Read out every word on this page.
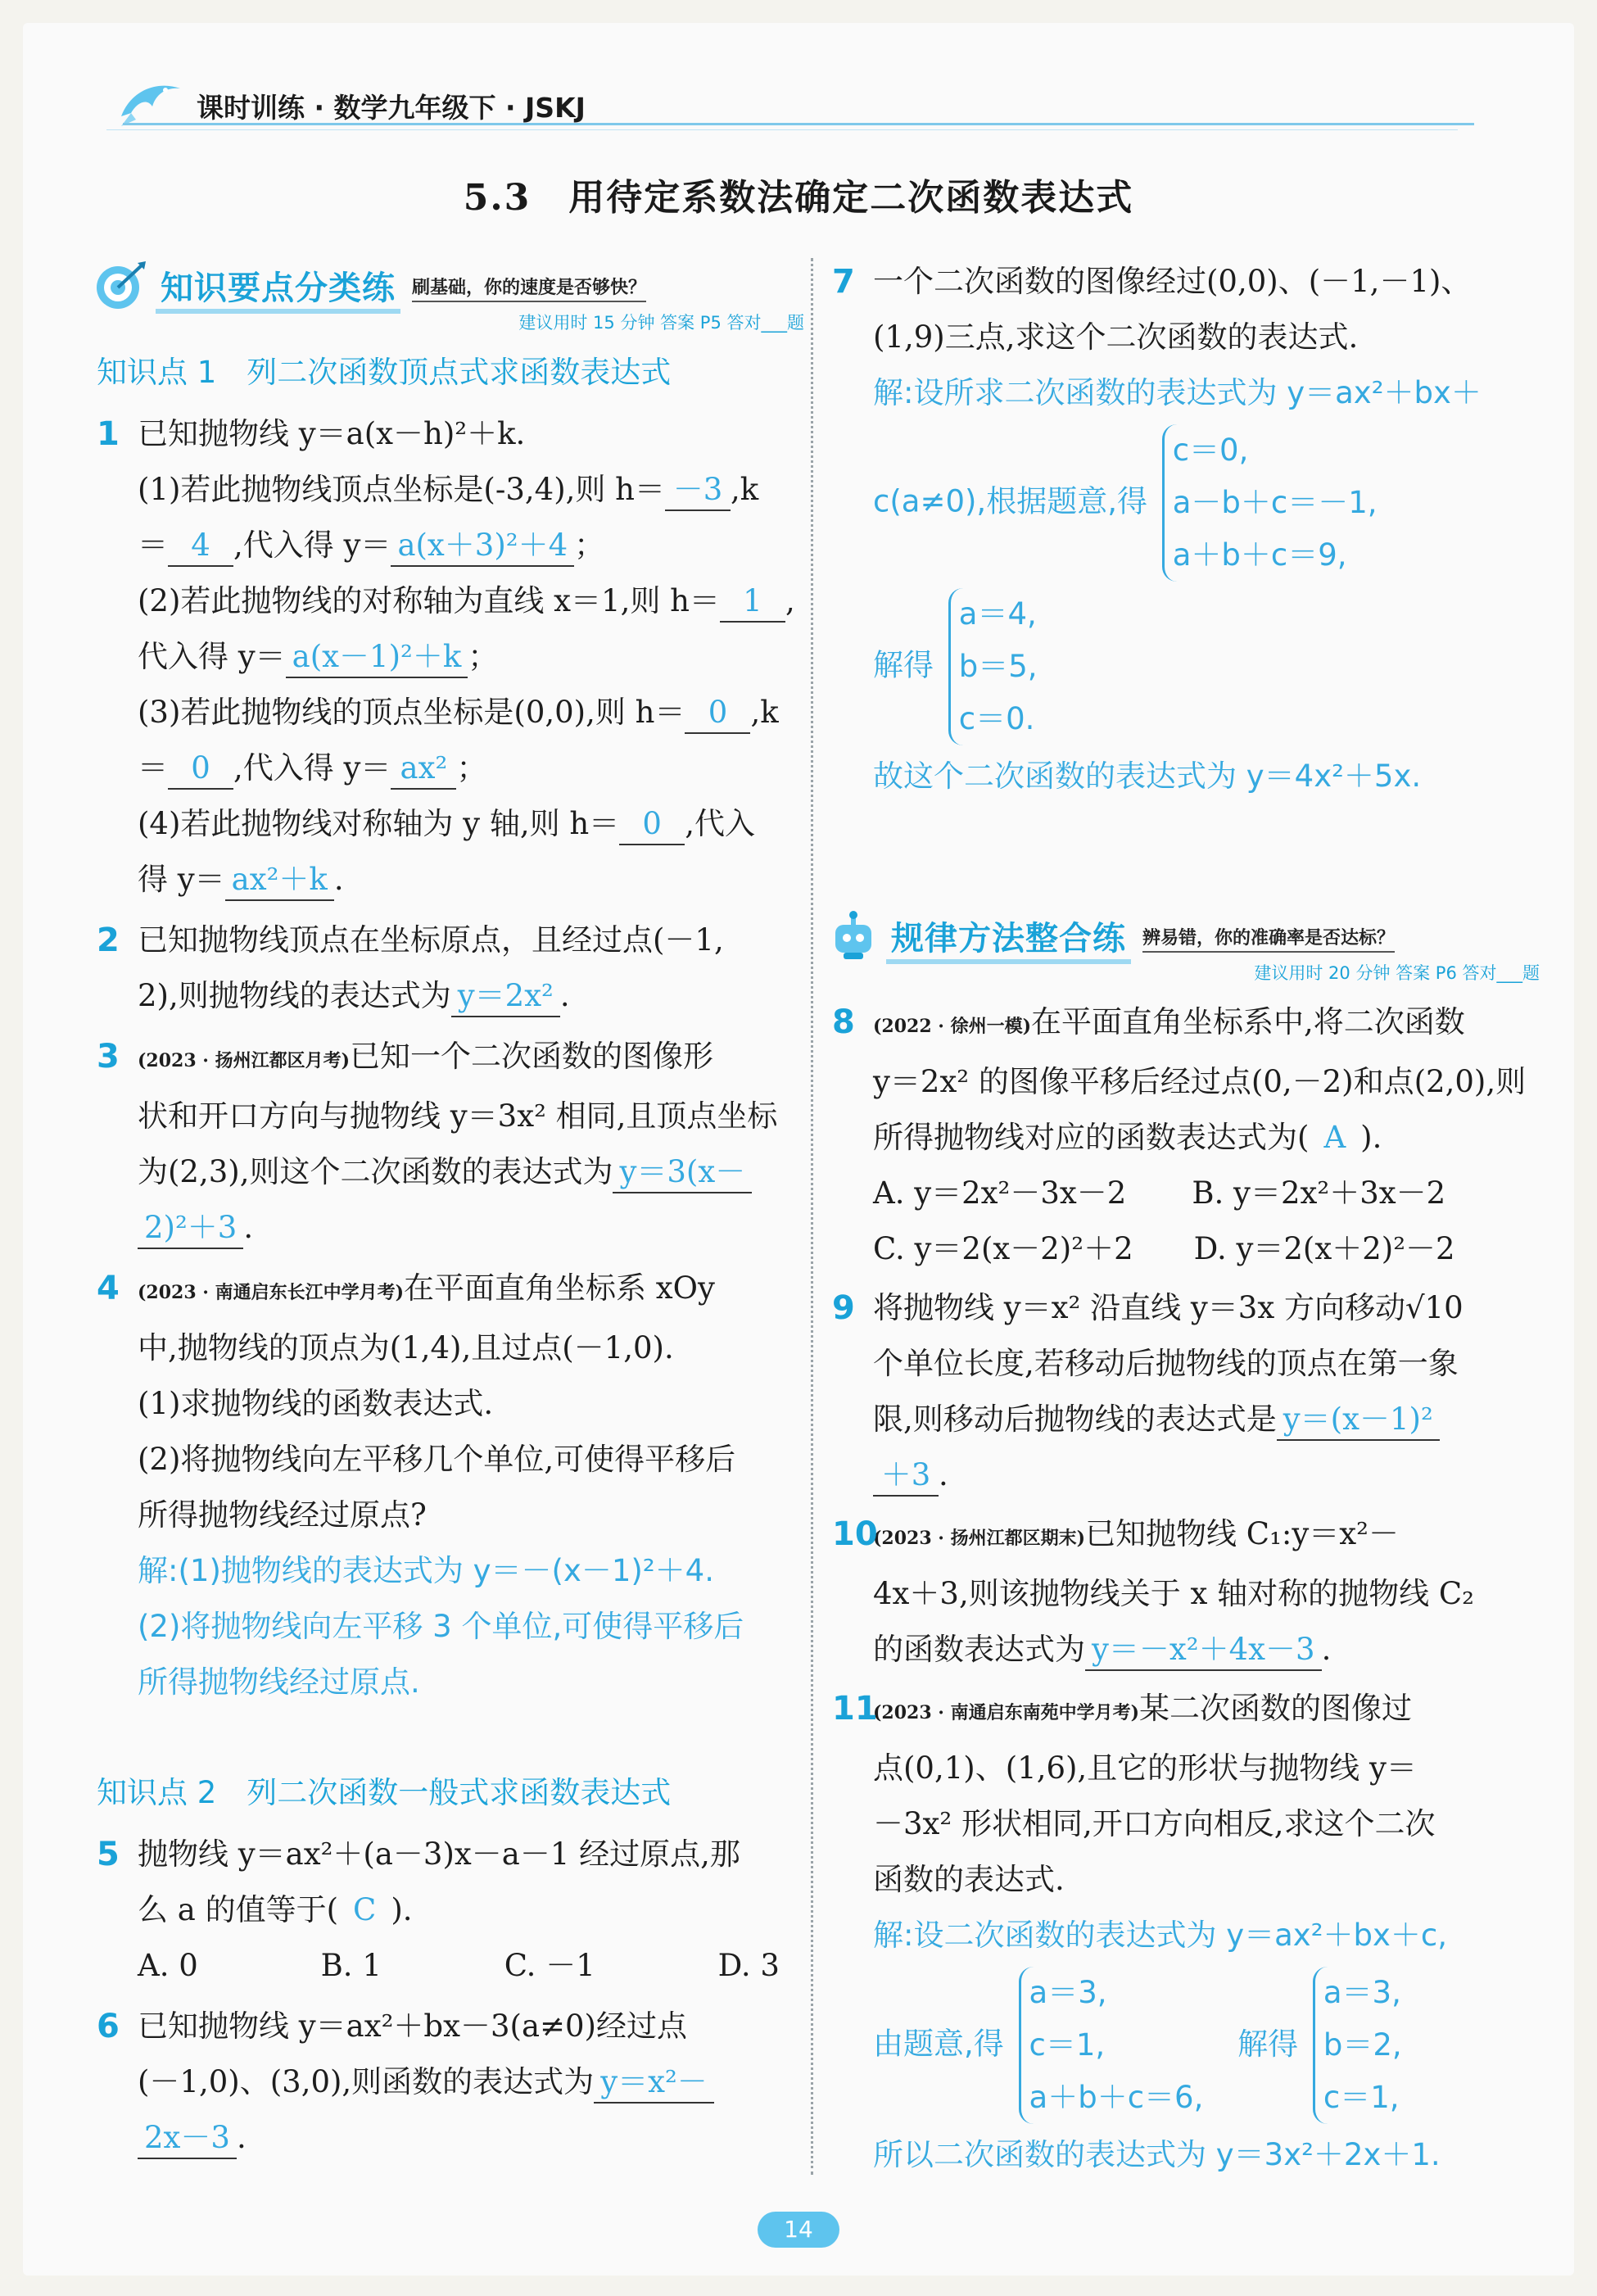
课时训练 · 数学九年级下 · JSKJ
5.3　用待定系数法确定二次函数表达式
知识要点分类练 刷基础，你的速度是否够快？
建议用时 15 分钟 答案 P5 答对___题
知识点 1　列二次函数顶点式求函数表达式
1 已知抛物线 y＝a(x－h)²＋k.
(1)若此抛物线顶点坐标是(-3,4),则 h＝ －3 ,k
＝ 4 ,代入得 y＝ a(x＋3)²＋4 ；
(2)若此抛物线的对称轴为直线 x＝1,则 h＝ 1 ,
代入得 y＝ a(x－1)²＋k ；
(3)若此抛物线的顶点坐标是(0,0),则 h＝ 0 ,k
＝ 0 ,代入得 y＝ ax² ；
(4)若此抛物线对称轴为 y 轴,则 h＝ 0 ,代入
得 y＝ ax²＋k .
2 已知抛物线顶点在坐标原点，且经过点(－1,
2),则抛物线的表达式为 y＝2x² .
3 (2023 · 扬州江都区月考)已知一个二次函数的图像形
状和开口方向与抛物线 y＝3x² 相同,且顶点坐标
为(2,3),则这个二次函数的表达式为 y＝3(x－
2)²＋3 .
4 (2023 · 南通启东长江中学月考)在平面直角坐标系 xOy
中,抛物线的顶点为(1,4),且过点(－1,0).
(1)求抛物线的函数表达式.
(2)将抛物线向左平移几个单位,可使得平移后
所得抛物线经过原点?
解:(1)抛物线的表达式为 y＝－(x－1)²＋4.
(2)将抛物线向左平移 3 个单位,可使得平移后
所得抛物线经过原点.
知识点 2　列二次函数一般式求函数表达式
5 抛物线 y＝ax²＋(a－3)x－a－1 经过原点,那
么 a 的值等于( C ).
A. 0	B. 1	C. －1	D. 3
6 已知抛物线 y＝ax²＋bx－3(a≠0)经过点
(－1,0)、(3,0),则函数的表达式为 y＝x²－
2x－3 .
7 一个二次函数的图像经过(0,0)、(－1,－1)、
(1,9)三点,求这个二次函数的表达式.
解:设所求二次函数的表达式为 y＝ax²＋bx＋
c(a≠0),根据题意,得
c＝0,
a－b＋c＝－1,
a＋b＋c＝9,
解得
a＝4,
b＝5,
c＝0.
故这个二次函数的表达式为 y＝4x²＋5x.
规律方法整合练 辨易错，你的准确率是否达标？
建议用时 20 分钟 答案 P6 答对___题
8 (2022 · 徐州一模)在平面直角坐标系中,将二次函数
y＝2x² 的图像平移后经过点(0,－2)和点(2,0),则
所得抛物线对应的函数表达式为( A ).
A. y＝2x²－3x－2 B. y＝2x²＋3x－2
C. y＝2(x－2)²＋2 D. y＝2(x＋2)²－2
9 将抛物线 y＝x² 沿直线 y＝3x 方向移动√10
个单位长度,若移动后抛物线的顶点在第一象
限,则移动后抛物线的表达式是 y＝(x－1)²
＋3 .
10
(2023 · 扬州江都区期末)已知抛物线 C₁:y＝x²－
4x＋3,则该抛物线关于 x 轴对称的抛物线 C₂
的函数表达式为 y＝－x²＋4x－3 .
11
(2023 · 南通启东南苑中学月考)某二次函数的图像过
点(0,1)、(1,6),且它的形状与抛物线 y＝
－3x² 形状相同,开口方向相反,求这个二次
函数的表达式.
解:设二次函数的表达式为 y＝ax²＋bx＋c,
由题意,得
a＝3,
c＝1,
a＋b＋c＝6,
解得
a＝3,
b＝2,
c＝1,
所以二次函数的表达式为 y＝3x²＋2x＋1.
14
